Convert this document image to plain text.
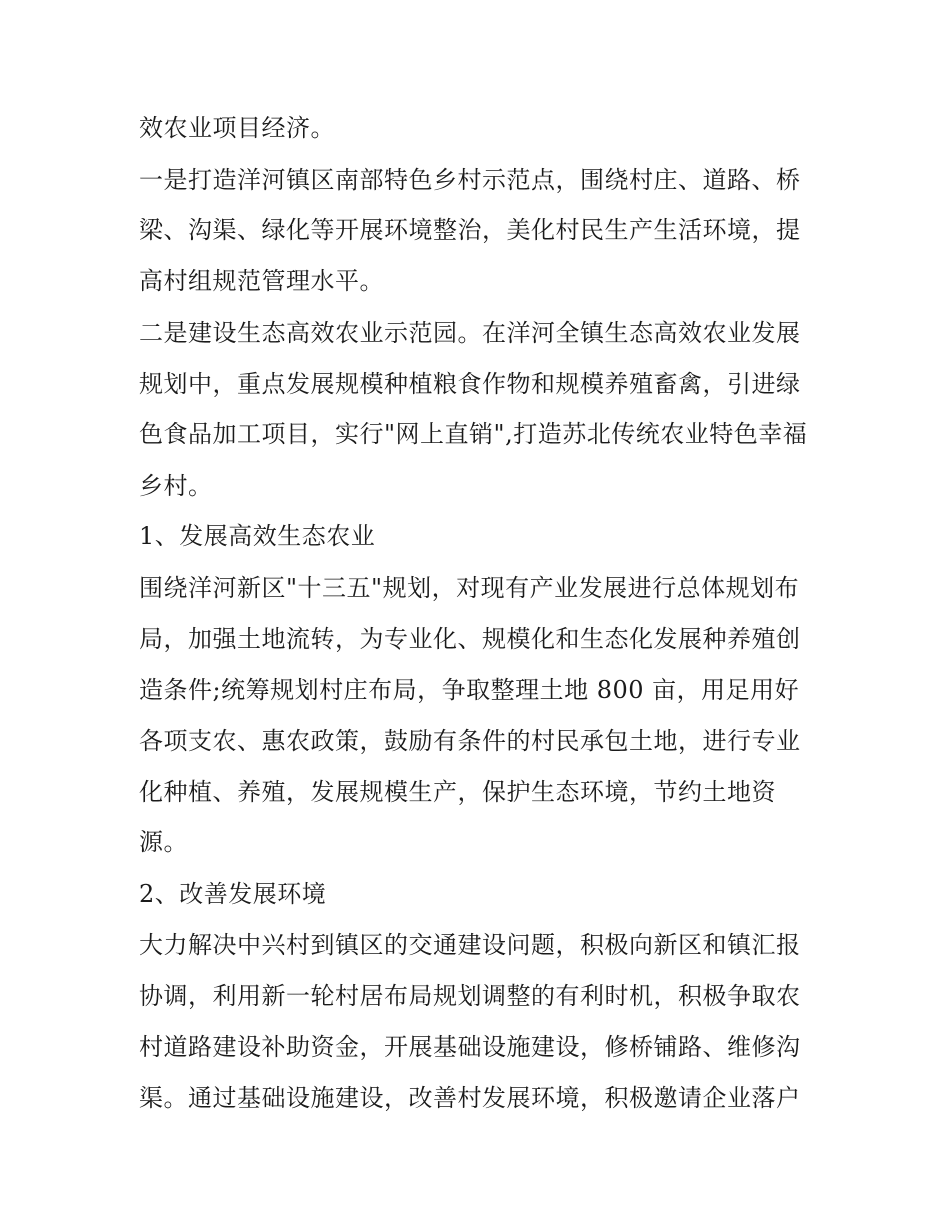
效农业项目经济。
一是打造洋河镇区南部特色乡村示范点，围绕村庄、道路、桥
梁、沟渠、绿化等开展环境整治，美化村民生产生活环境，提
高村组规范管理水平。
二是建设生态高效农业示范园。在洋河全镇生态高效农业发展
规划中，重点发展规模种植粮食作物和规模养殖畜禽，引进绿
色食品加工项目，实行"网上直销",打造苏北传统农业特色幸福
乡村。
1、发展高效生态农业
围绕洋河新区"十三五"规划，对现有产业发展进行总体规划布
局，加强土地流转，为专业化、规模化和生态化发展种养殖创
造条件;统筹规划村庄布局，争取整理土地 800 亩，用足用好
各项支农、惠农政策，鼓励有条件的村民承包土地，进行专业
化种植、养殖，发展规模生产，保护生态环境，节约土地资
源。
2、改善发展环境
大力解决中兴村到镇区的交通建设问题，积极向新区和镇汇报
协调，利用新一轮村居布局规划调整的有利时机，积极争取农
村道路建设补助资金，开展基础设施建设，修桥铺路、维修沟
渠。通过基础设施建设，改善村发展环境，积极邀请企业落户
